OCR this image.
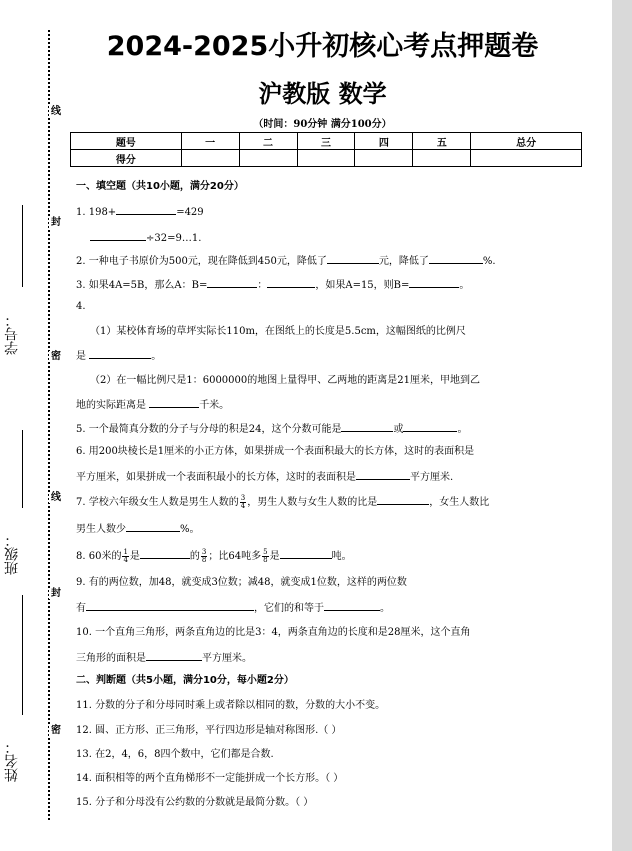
线
封
密
线
封
密
学号：
班级：
姓名：
2024-2025小升初核心考点押题卷
沪教版 数学
（时间：90分钟 满分100分）
题号	一	二	三	四	五	总分
得分						
一、填空题（共10小题，满分20分）
1. 198+	=429
÷32=9…1.
2. 一种电子书原价为500元，现在降低到450元，降低了	元，降低了	%.
3. 如果4A=5B，那么A：B=	：	，如果A=15，则B=	。
4.
（1）某校体育场的草坪实际长110m，在图纸上的长度是5.5cm，这幅图纸的比例尺
是	。
（2）在一幅比例尺是1：6000000的地图上量得甲、乙两地的距离是21厘米，甲地到乙
地的实际距离是	千米。
5. 一个最简真分数的分子与分母的积是24，这个分数可能是	或	。
6. 用200块棱长是1厘米的小正方体，如果拼成一个表面积最大的长方体，这时的表面积是
平方厘米，如果拼成一个表面积最小的长方体，这时的表面积是	平方厘米.
7. 学校六年级女生人数是男生人数的 $\frac{3}{4}$ ，男生人数与女生人数的比是	，女生人数比
男生人数少	%。
8. 60米的 $\frac{1}{4}$ 是	的 $\frac{3}{8}$ ；比64吨多 $\frac{5}{8}$ 是	吨。
9. 有的两位数，加48，就变成3位数；减48，就变成1位数，这样的两位数
有	，它们的和等于	。
10. 一个直角三角形，两条直角边的比是3：4，两条直角边的长度和是28厘米，这个直角
三角形的面积是	平方厘米。
二、判断题（共5小题，满分10分，每小题2分）
11. 分数的分子和分母同时乘上或者除以相同的数，分数的大小不变。
12. 圆、正方形、正三角形，平行四边形是轴对称图形.（ ）
13. 在2，4，6，8四个数中，它们都是合数.
14. 面积相等的两个直角梯形不一定能拼成一个长方形。（ ）
15. 分子和分母没有公约数的分数就是最简分数。（ ）
